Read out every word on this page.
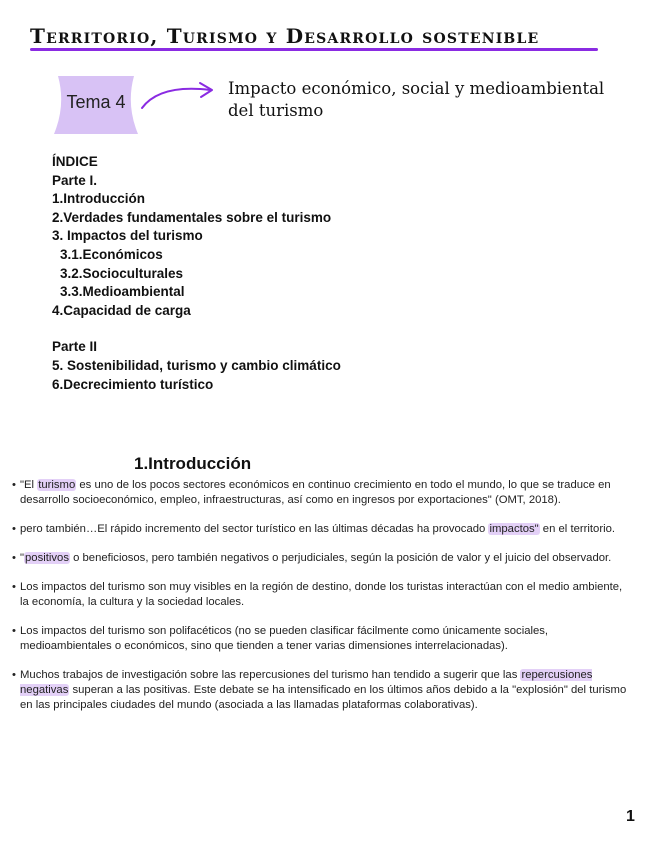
Territorio, Turismo y Desarrollo sostenible
Tema 4
Impacto económico, social y medioambiental del turismo
ÍNDICE
Parte I.
1.Introducción
2.Verdades fundamentales sobre el turismo
3. Impactos del turismo
3.1.Económicos
3.2.Socioculturales
3.3.Medioambiental
4.Capacidad de carga
Parte II
5. Sostenibilidad, turismo y cambio climático
6.Decrecimiento turístico
1.Introducción

• "El turismo es uno de los pocos sectores económicos en continuo crecimiento en todo el mundo, lo que se traduce en desarrollo socioeconómico, empleo, infraestructuras, así como en ingresos por exportaciones" (OMT, 2018).

• pero también…El rápido incremento del sector turístico en las últimas décadas ha provocado impactos" en el territorio.

• "positivos o beneficiosos, pero también negativos o perjudiciales, según la posición de valor y el juicio del observador.

• Los impactos del turismo son muy visibles en la región de destino, donde los turistas interactúan con el medio ambiente, la economía, la cultura y la sociedad locales.

• Los impactos del turismo son polifacéticos (no se pueden clasificar fácilmente como únicamente sociales, medioambientales o económicos, sino que tienden a tener varias dimensiones interrelacionadas).

• Muchos trabajos de investigación sobre las repercusiones del turismo han tendido a sugerir que las repercusiones negativas superan a las positivas. Este debate se ha intensificado en los últimos años debido a la "explosión" del turismo en las principales ciudades del mundo (asociada a las llamadas plataformas colaborativas).

1
